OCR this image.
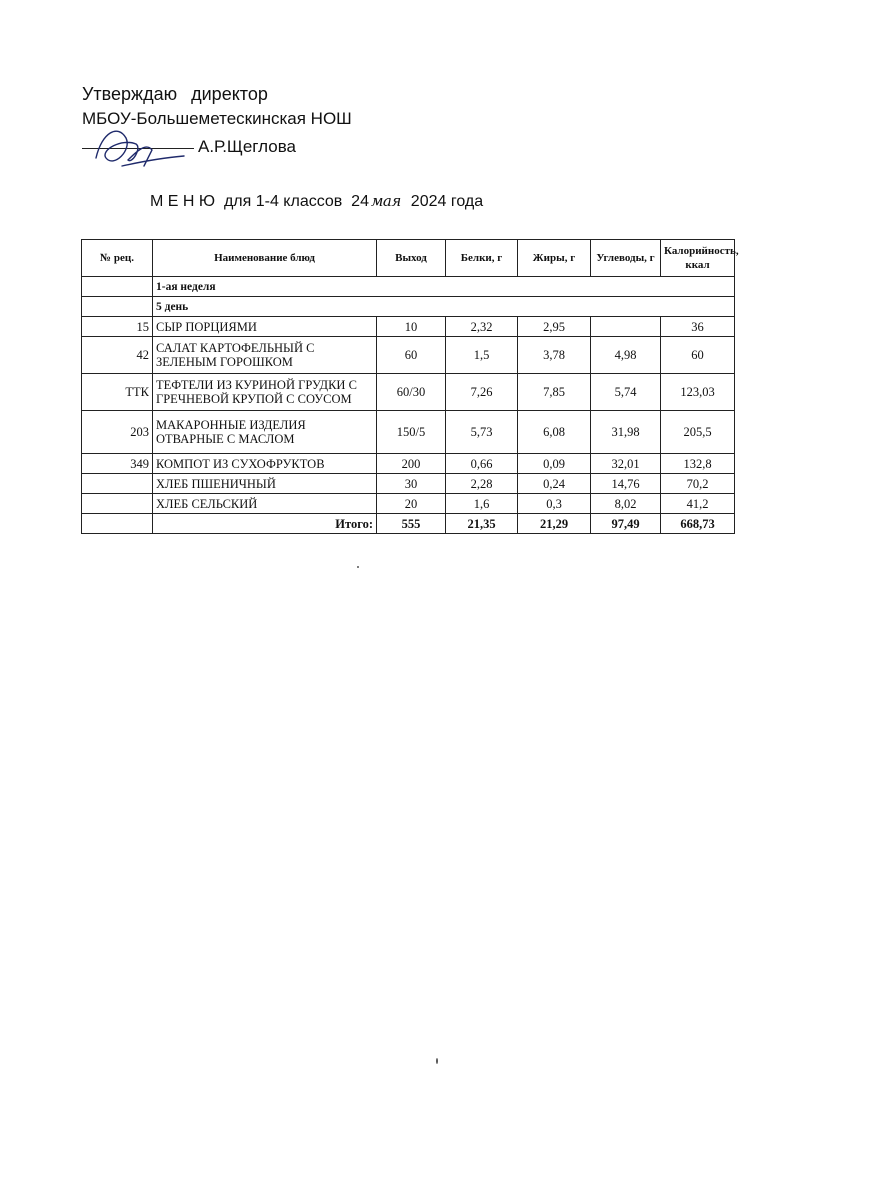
Утверждаю директор
МБОУ-Большеметескинская НОШ
А.Р.Щеглова
М Е Н Ю  для 1-4 классов  24 мая 2024 года
№ рец.	Наименование блюд	Выход	Белки, г	Жиры, г	Углеводы, г	Калорийность, ккал
	1-ая неделя					
	5 день					
15	СЫР ПОРЦИЯМИ	10	2,32	2,95		36
42	САЛАТ КАРТОФЕЛЬНЫЙ С ЗЕЛЕНЫМ ГОРОШКОМ	60	1,5	3,78	4,98	60
ТТК	ТЕФТЕЛИ ИЗ КУРИНОЙ ГРУДКИ С ГРЕЧНЕВОЙ КРУПОЙ С СОУСОМ	60/30	7,26	7,85	5,74	123,03
203	МАКАРОННЫЕ ИЗДЕЛИЯ ОТВАРНЫЕ С МАСЛОМ	150/5	5,73	6,08	31,98	205,5
349	КОМПОТ ИЗ СУХОФРУКТОВ	200	0,66	0,09	32,01	132,8
	ХЛЕБ ПШЕНИЧНЫЙ	30	2,28	0,24	14,76	70,2
	ХЛЕБ СЕЛЬСКИЙ	20	1,6	0,3	8,02	41,2
	Итого:	555	21,35	21,29	97,49	668,73
